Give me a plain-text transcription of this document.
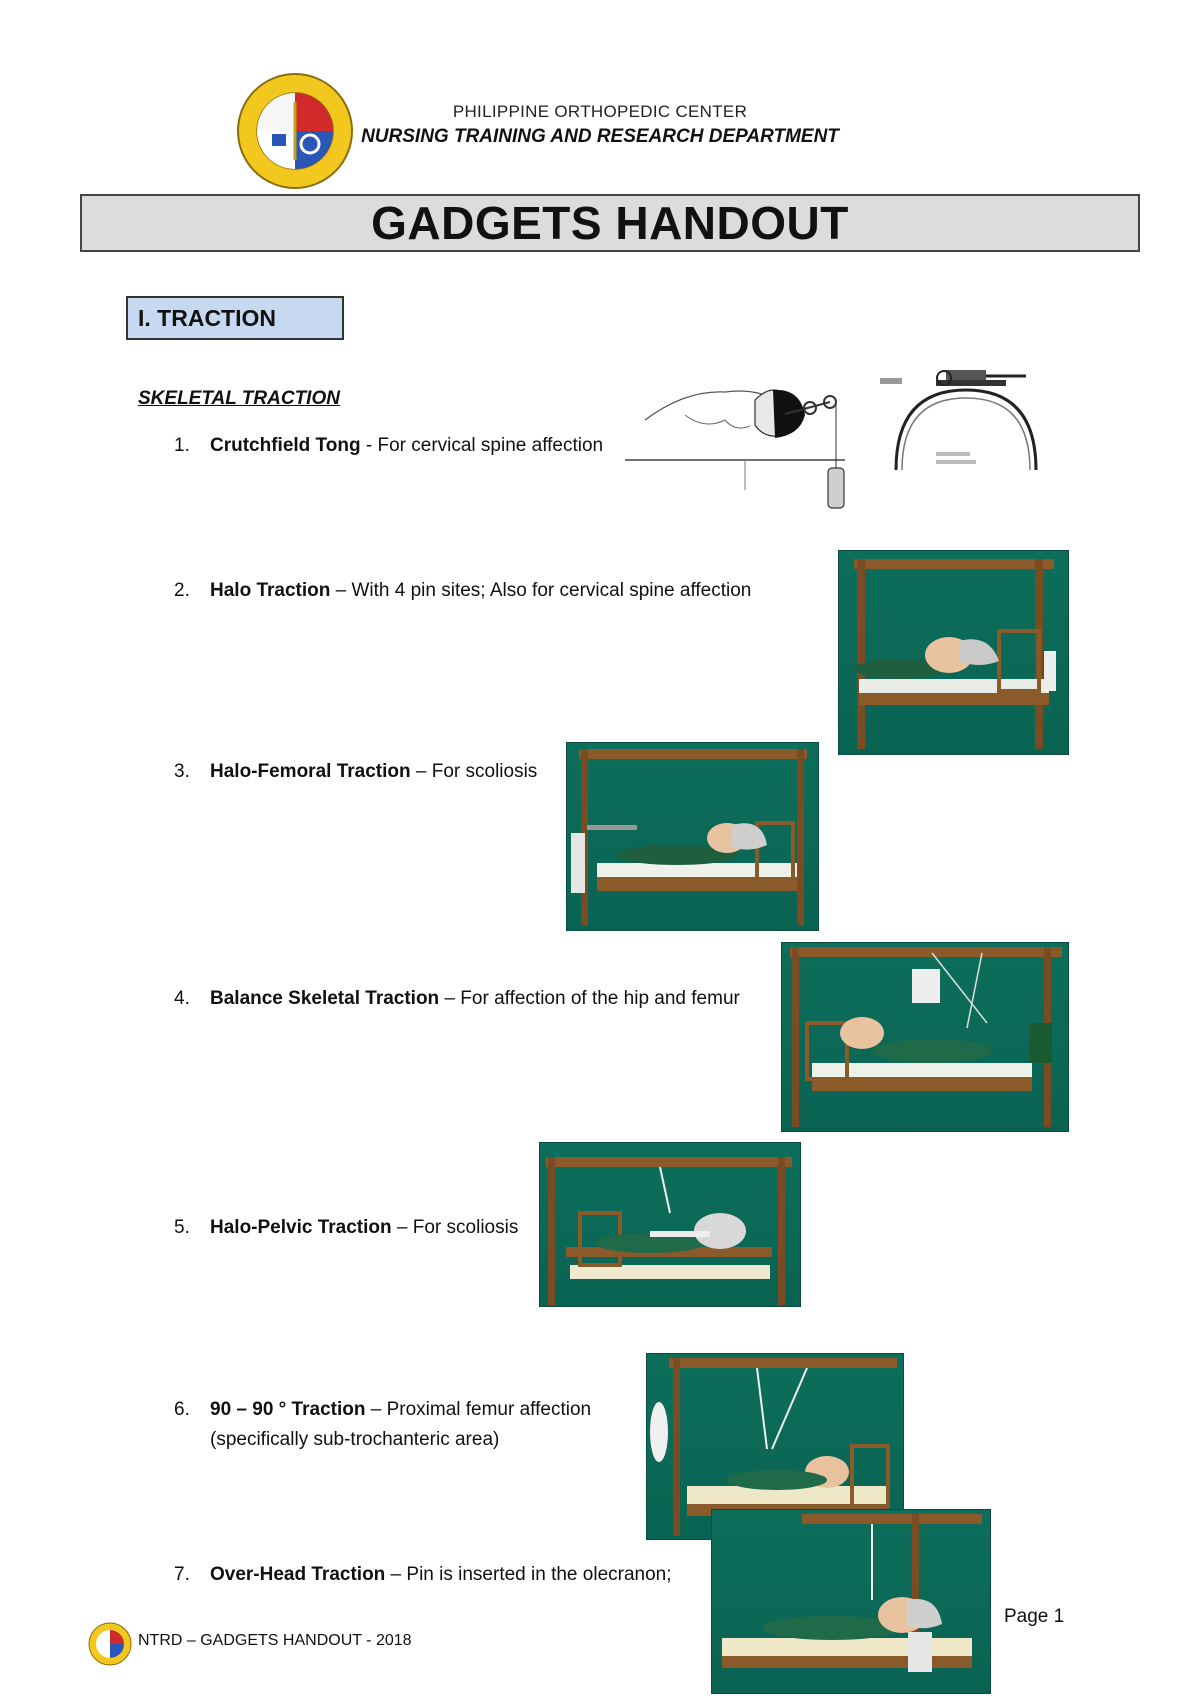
PHILIPPINE ORTHOPEDIC CENTER
NURSING TRAINING AND RESEARCH DEPARTMENT
GADGETS HANDOUT
I. TRACTION
SKELETAL TRACTION
1. Crutchfield Tong - For cervical spine affection
2. Halo Traction – With 4 pin sites; Also for cervical spine affection
3. Halo-Femoral Traction – For scoliosis
4. Balance Skeletal Traction – For affection of the hip and femur
5. Halo-Pelvic Traction – For scoliosis
6. 90 – 90 ° Traction – Proximal femur affection
(specifically sub-trochanteric area)
7. Over-Head Traction – Pin is inserted in the olecranon;
NTRD – GADGETS HANDOUT - 2018
Page 1
